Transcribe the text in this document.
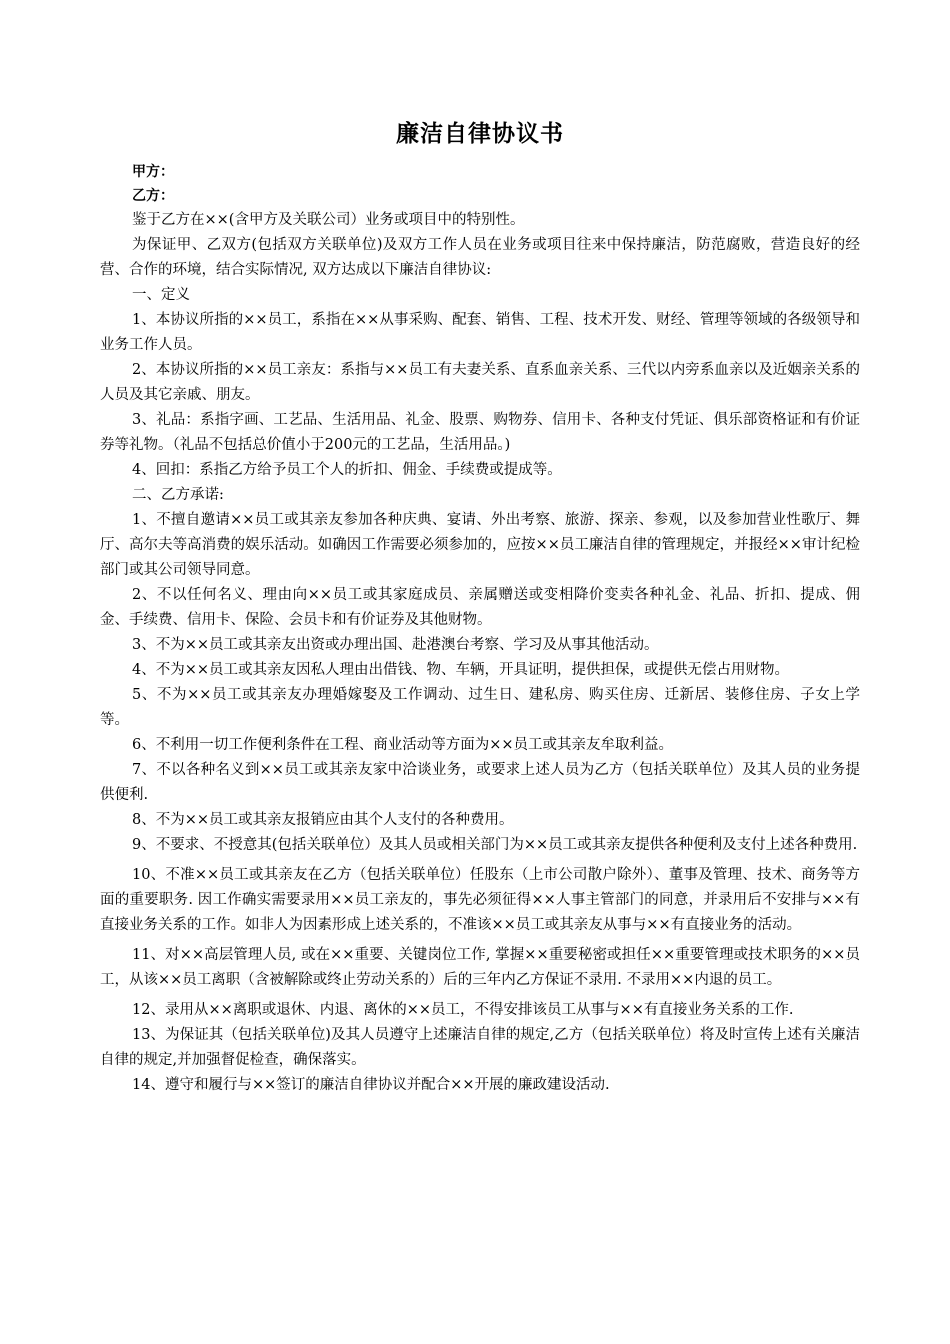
廉洁自律协议书

甲方：

乙方：

鉴于乙方在××(含甲方及关联公司）业务或项目中的特别性。

为保证甲、乙双方(包括双方关联单位)及双方工作人员在业务或项目往来中保持廉洁，防范腐败，营造良好的经营、合作的环境，结合实际情况, 双方达成以下廉洁自律协议:

一、定义

1、本协议所指的××员工，系指在××从事采购、配套、销售、工程、技术开发、财经、管理等领域的各级领导和业务工作人员。

2、本协议所指的××员工亲友：系指与××员工有夫妻关系、直系血亲关系、三代以内旁系血亲以及近姻亲关系的人员及其它亲戚、朋友。

3、礼品：系指字画、工艺品、生活用品、礼金、股票、购物券、信用卡、各种支付凭证、俱乐部资格证和有价证券等礼物。（礼品不包括总价值小于200元的工艺品，生活用品。)

4、回扣：系指乙方给予员工个人的折扣、佣金、手续费或提成等。

二、乙方承诺:

1、不擅自邀请××员工或其亲友参加各种庆典、宴请、外出考察、旅游、探亲、参观，以及参加营业性歌厅、舞厅、高尔夫等高消费的娱乐活动。如确因工作需要必须参加的，应按××员工廉洁自律的管理规定，并报经××审计纪检部门或其公司领导同意。

2、不以任何名义、理由向××员工或其家庭成员、亲属赠送或变相降价变卖各种礼金、礼品、折扣、提成、佣金、手续费、信用卡、保险、会员卡和有价证券及其他财物。

3、不为××员工或其亲友出资或办理出国、赴港澳台考察、学习及从事其他活动。

4、不为××员工或其亲友因私人理由出借钱、物、车辆，开具证明，提供担保，或提供无偿占用财物。

5、不为××员工或其亲友办理婚嫁娶及工作调动、过生日、建私房、购买住房、迁新居、装修住房、子女上学等。

6、不利用一切工作便利条件在工程、商业活动等方面为××员工或其亲友牟取利益。

7、不以各种名义到××员工或其亲友家中洽谈业务，或要求上述人员为乙方（包括关联单位）及其人员的业务提供便利.

8、不为××员工或其亲友报销应由其个人支付的各种费用。

9、不要求、不授意其(包括关联单位）及其人员或相关部门为××员工或其亲友提供各种便利及支付上述各种费用.

10、不准××员工或其亲友在乙方（包括关联单位）任股东（上市公司散户除外）、董事及管理、技术、商务等方面的重要职务. 因工作确实需要录用××员工亲友的，事先必须征得××人事主管部门的同意，并录用后不安排与××有直接业务关系的工作。如非人为因素形成上述关系的，不准该××员工或其亲友从事与××有直接业务的活动。

11、对××高层管理人员, 或在××重要、关键岗位工作, 掌握××重要秘密或担任××重要管理或技术职务的××员工，从该××员工离职（含被解除或终止劳动关系的）后的三年内乙方保证不录用. 不录用××内退的员工。

12、录用从××离职或退休、内退、离休的××员工，不得安排该员工从事与××有直接业务关系的工作.

13、为保证其（包括关联单位)及其人员遵守上述廉洁自律的规定,乙方（包括关联单位）将及时宣传上述有关廉洁自律的规定,并加强督促检查，确保落实。

14、遵守和履行与××签订的廉洁自律协议并配合××开展的廉政建设活动.
